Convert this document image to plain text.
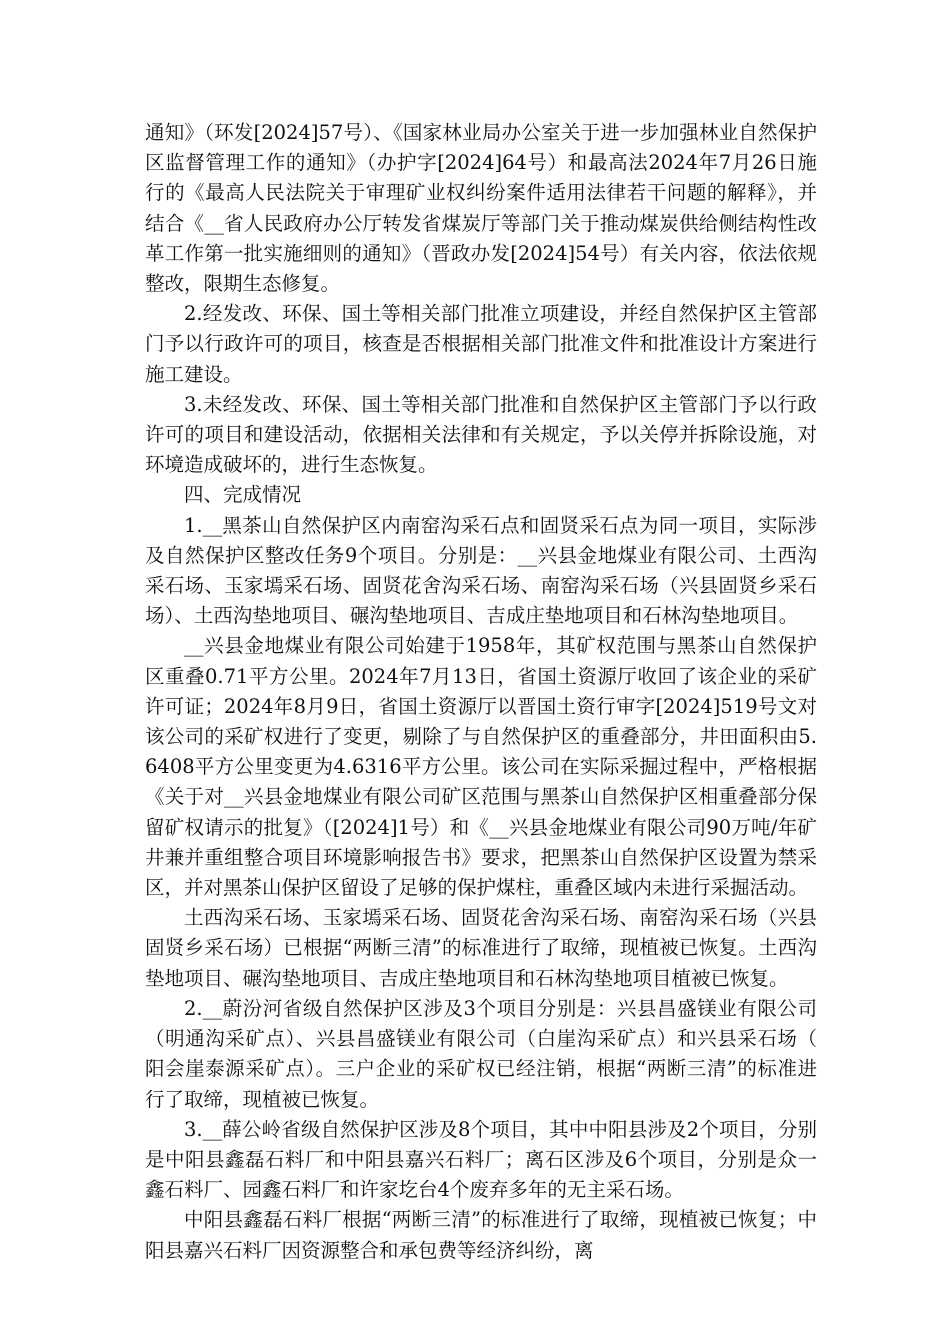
通知》（环发[2024]57号）、《国家林业局办公室关于进一步加强林业自然保护区监督管理工作的通知》（办护字[2024]64号）和最高法2024年7月26日施行的《最高人民法院关于审理矿业权纠纷案件适用法律若干问题的解释》，并结合《__省人民政府办公厅转发省煤炭厅等部门关于推动煤炭供给侧结构性改革工作第一批实施细则的通知》（晋政办发[2024]54号）有关内容，依法依规整改，限期生态修复。

2.经发改、环保、国土等相关部门批准立项建设，并经自然保护区主管部门予以行政许可的项目，核查是否根据相关部门批准文件和批准设计方案进行施工建设。

3.未经发改、环保、国土等相关部门批准和自然保护区主管部门予以行政许可的项目和建设活动，依据相关法律和有关规定，予以关停并拆除设施，对环境造成破坏的，进行生态恢复。

四、完成情况

1.__黑茶山自然保护区内南窑沟采石点和固贤采石点为同一项目，实际涉及自然保护区整改任务9个项目。分别是：__兴县金地煤业有限公司、土西沟采石场、玉家墕采石场、固贤花舍沟采石场、南窑沟采石场（兴县固贤乡采石场）、土西沟垫地项目、碾沟垫地项目、吉成庄垫地项目和石林沟垫地项目。

__兴县金地煤业有限公司始建于1958年，其矿权范围与黑茶山自然保护区重叠0.71平方公里。2024年7月13日，省国土资源厅收回了该企业的采矿许可证；2024年8月9日，省国土资源厅以晋国土资行审字[2024]519号文对该公司的采矿权进行了变更，剔除了与自然保护区的重叠部分，井田面积由5.6408平方公里变更为4.6316平方公里。该公司在实际采掘过程中，严格根据《关于对__兴县金地煤业有限公司矿区范围与黑茶山自然保护区相重叠部分保留矿权请示的批复》（[2024]1号）和《__兴县金地煤业有限公司90万吨/年矿井兼并重组整合项目环境影响报告书》要求，把黑茶山自然保护区设置为禁采区，并对黑茶山保护区留设了足够的保护煤柱，重叠区域内未进行采掘活动。

土西沟采石场、玉家墕采石场、固贤花舍沟采石场、南窑沟采石场（兴县固贤乡采石场）已根据“两断三清”的标准进行了取缔，现植被已恢复。土西沟垫地项目、碾沟垫地项目、吉成庄垫地项目和石林沟垫地项目植被已恢复。

2.__蔚汾河省级自然保护区涉及3个项目分别是：兴县昌盛镁业有限公司（明通沟采矿点）、兴县昌盛镁业有限公司（白崖沟采矿点）和兴县采石场（阳会崖泰源采矿点）。三户企业的采矿权已经注销，根据“两断三清”的标准进行了取缔，现植被已恢复。

3.__薛公岭省级自然保护区涉及8个项目，其中中阳县涉及2个项目，分别是中阳县鑫磊石料厂和中阳县嘉兴石料厂；离石区涉及6个项目，分别是众一鑫石料厂、园鑫石料厂和许家圪台4个废弃多年的无主采石场。

中阳县鑫磊石料厂根据“两断三清”的标准进行了取缔，现植被已恢复；中阳县嘉兴石料厂因资源整合和承包费等经济纠纷，离
